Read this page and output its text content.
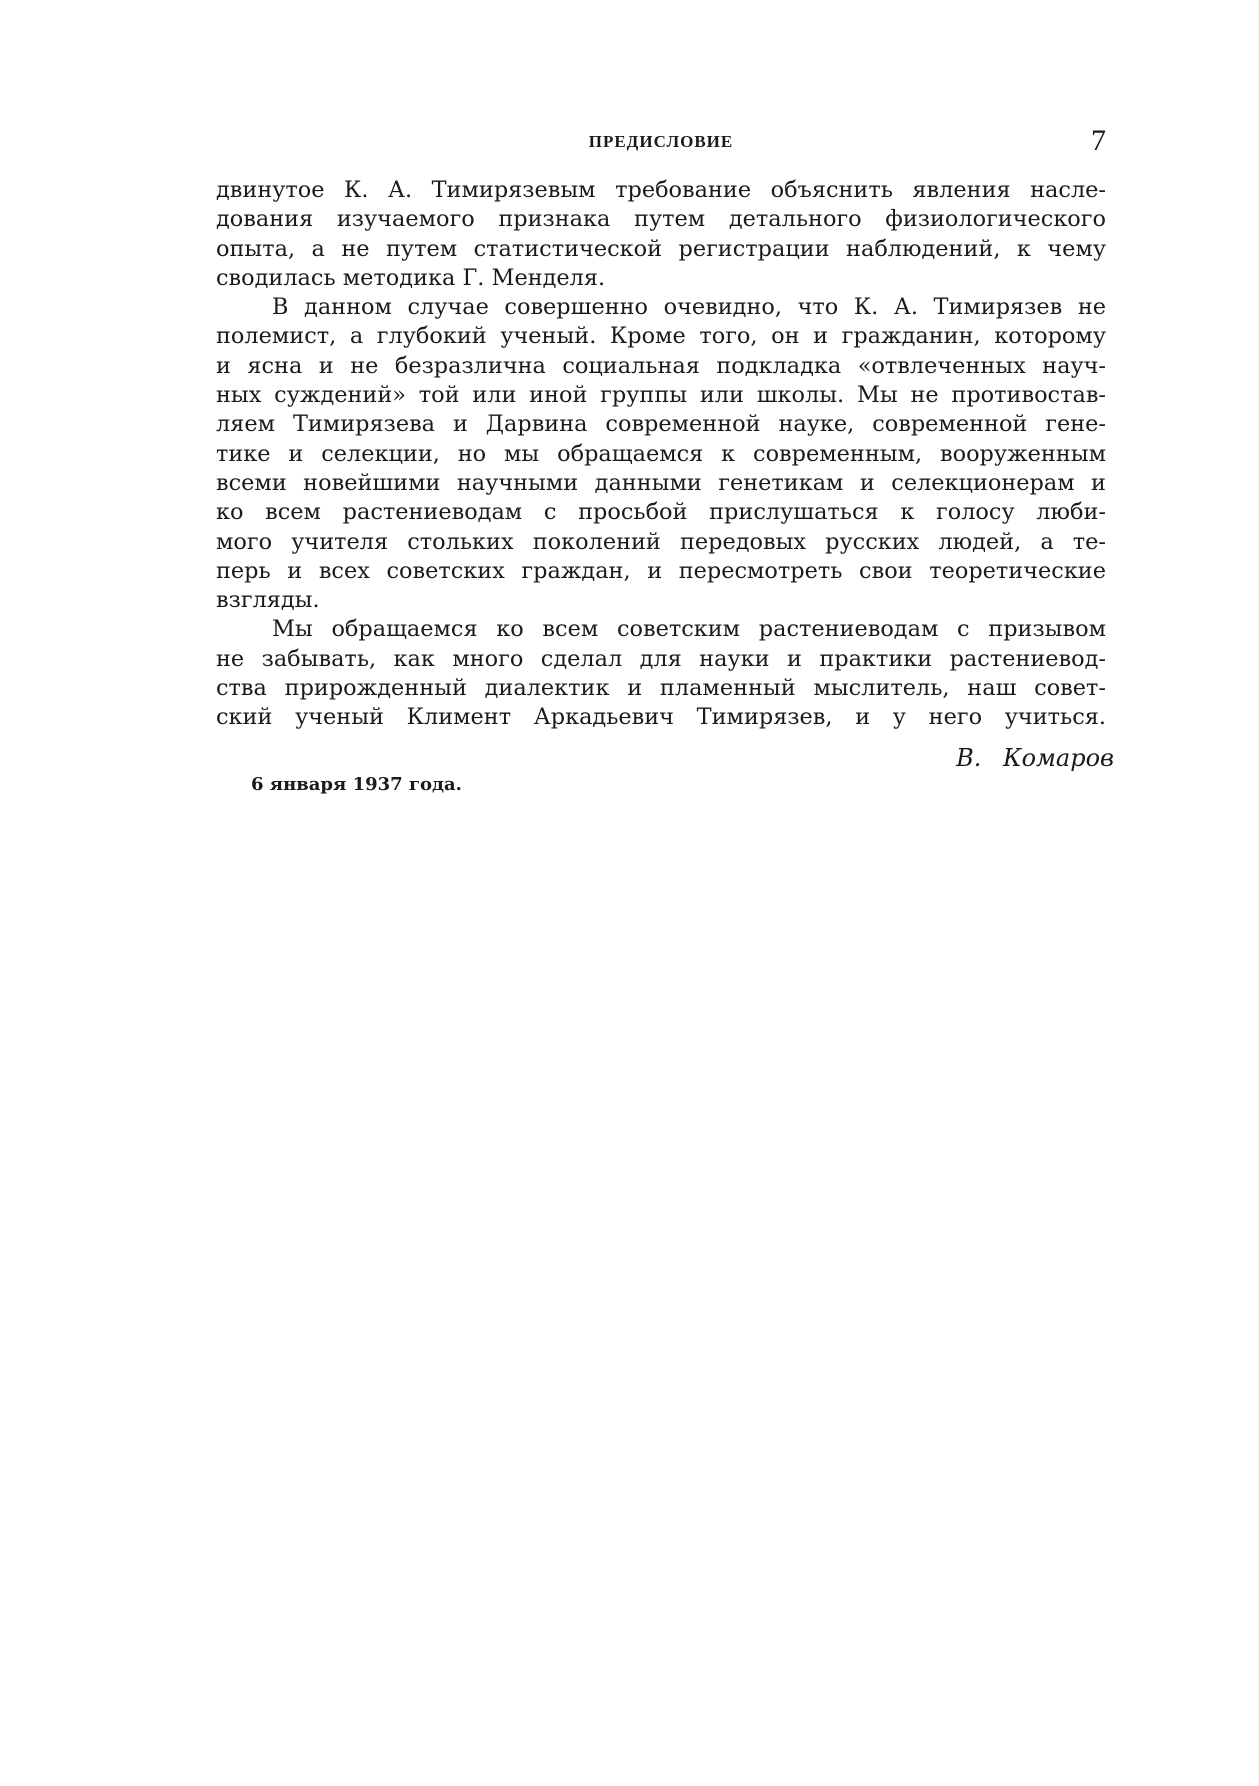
ПРЕДИСЛОВИЕ	7
двинутое К. А. Тимирязевым требование объяснить явления насле-
дования изучаемого признака путем детального физиологического
опыта, а не путем статистической регистрации наблюдений, к чему
сводилась методика Г. Менделя.
В данном случае совершенно очевидно, что К. А. Тимирязев не
полемист, а глубокий ученый. Кроме того, он и гражданин, которому
и ясна и не безразлична социальная подкладка «отвлеченных науч-
ных суждений» той или иной группы или школы. Мы не противостав-
ляем Тимирязева и Дарвина современной науке, современной гене-
тике и селекции, но мы обращаемся к современным, вооруженным
всеми новейшими научными данными генетикам и селекционерам и
ко всем растениеводам с просьбой прислушаться к голосу люби-
мого учителя стольких поколений передовых русских людей, а те-
перь и всех советских граждан, и пересмотреть свои теоретические
взгляды.
Мы обращаемся ко всем советским растениеводам с призывом
не забывать, как много сделал для науки и практики растениевод-
ства прирожденный диалектик и пламенный мыслитель, наш совет-
ский ученый Климент Аркадьевич Тимирязев, и у него учиться.
В. Комаров
6 января 1937 года.
